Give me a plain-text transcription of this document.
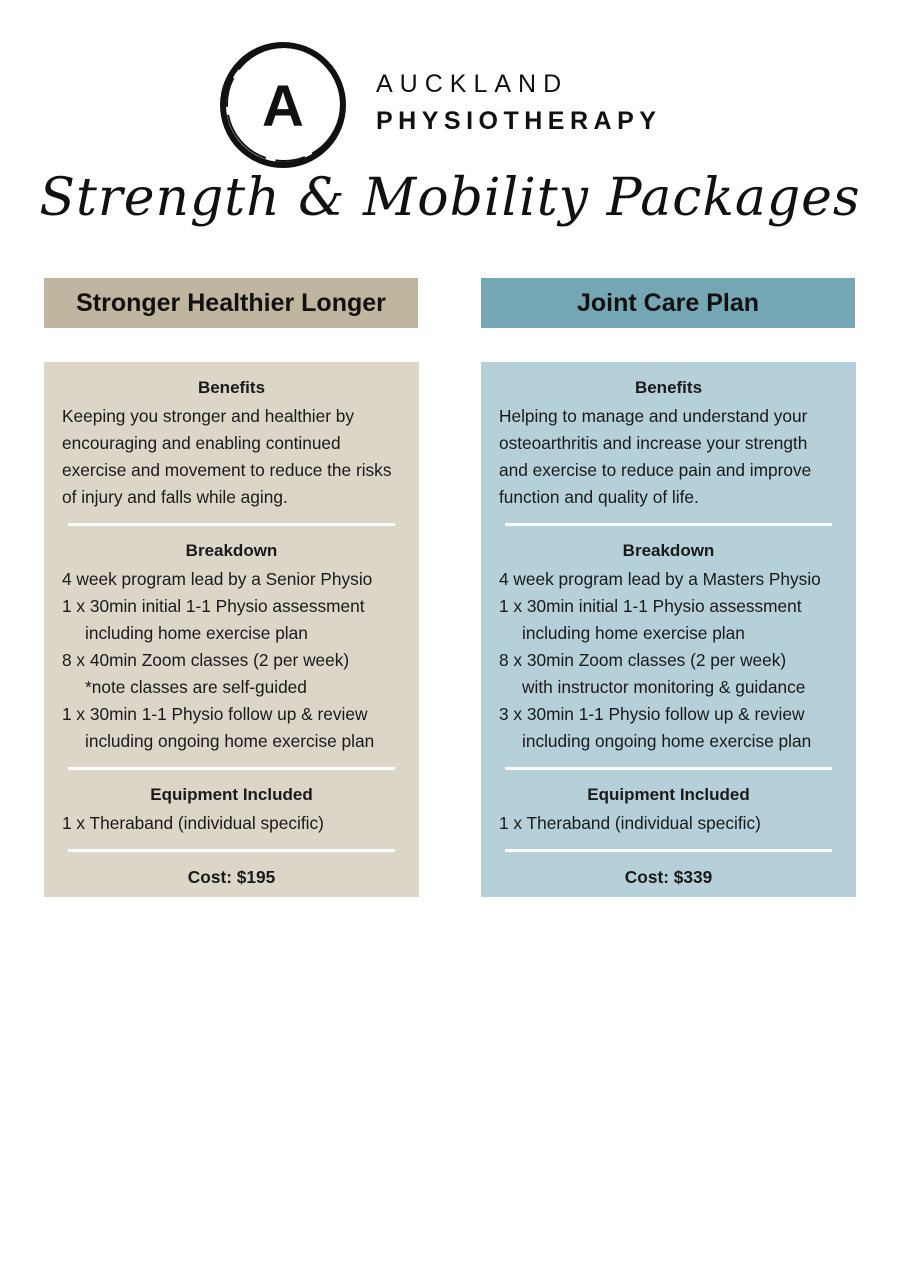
A	AUCKLAND
PHYSIOTHERAPY
Strength & Mobility Packages
Stronger Healthier Longer
Benefits

Keeping you stronger and healthier by encouraging and enabling continued exercise and movement to reduce the risks of injury and falls while aging.

Breakdown
4 week program lead by a Senior Physio
1 x 30min initial 1-1 Physio assessment
including home exercise plan
8 x 40min Zoom classes (2 per week)
*note classes are self-guided
1 x 30min 1-1 Physio follow up & review
including ongoing home exercise plan
Equipment Included

1 x Theraband (individual specific)

Cost: $195
Joint Care Plan
Benefits

Helping to manage and understand your osteoarthritis and increase your strength and exercise to reduce pain and improve function and quality of life.

Breakdown
4 week program lead by a Masters Physio
1 x 30min initial 1-1 Physio assessment
including home exercise plan
8 x 30min Zoom classes (2 per week)
with instructor monitoring & guidance
3 x 30min 1-1 Physio follow up & review
including ongoing home exercise plan
Equipment Included

1 x Theraband (individual specific)

Cost: $339
